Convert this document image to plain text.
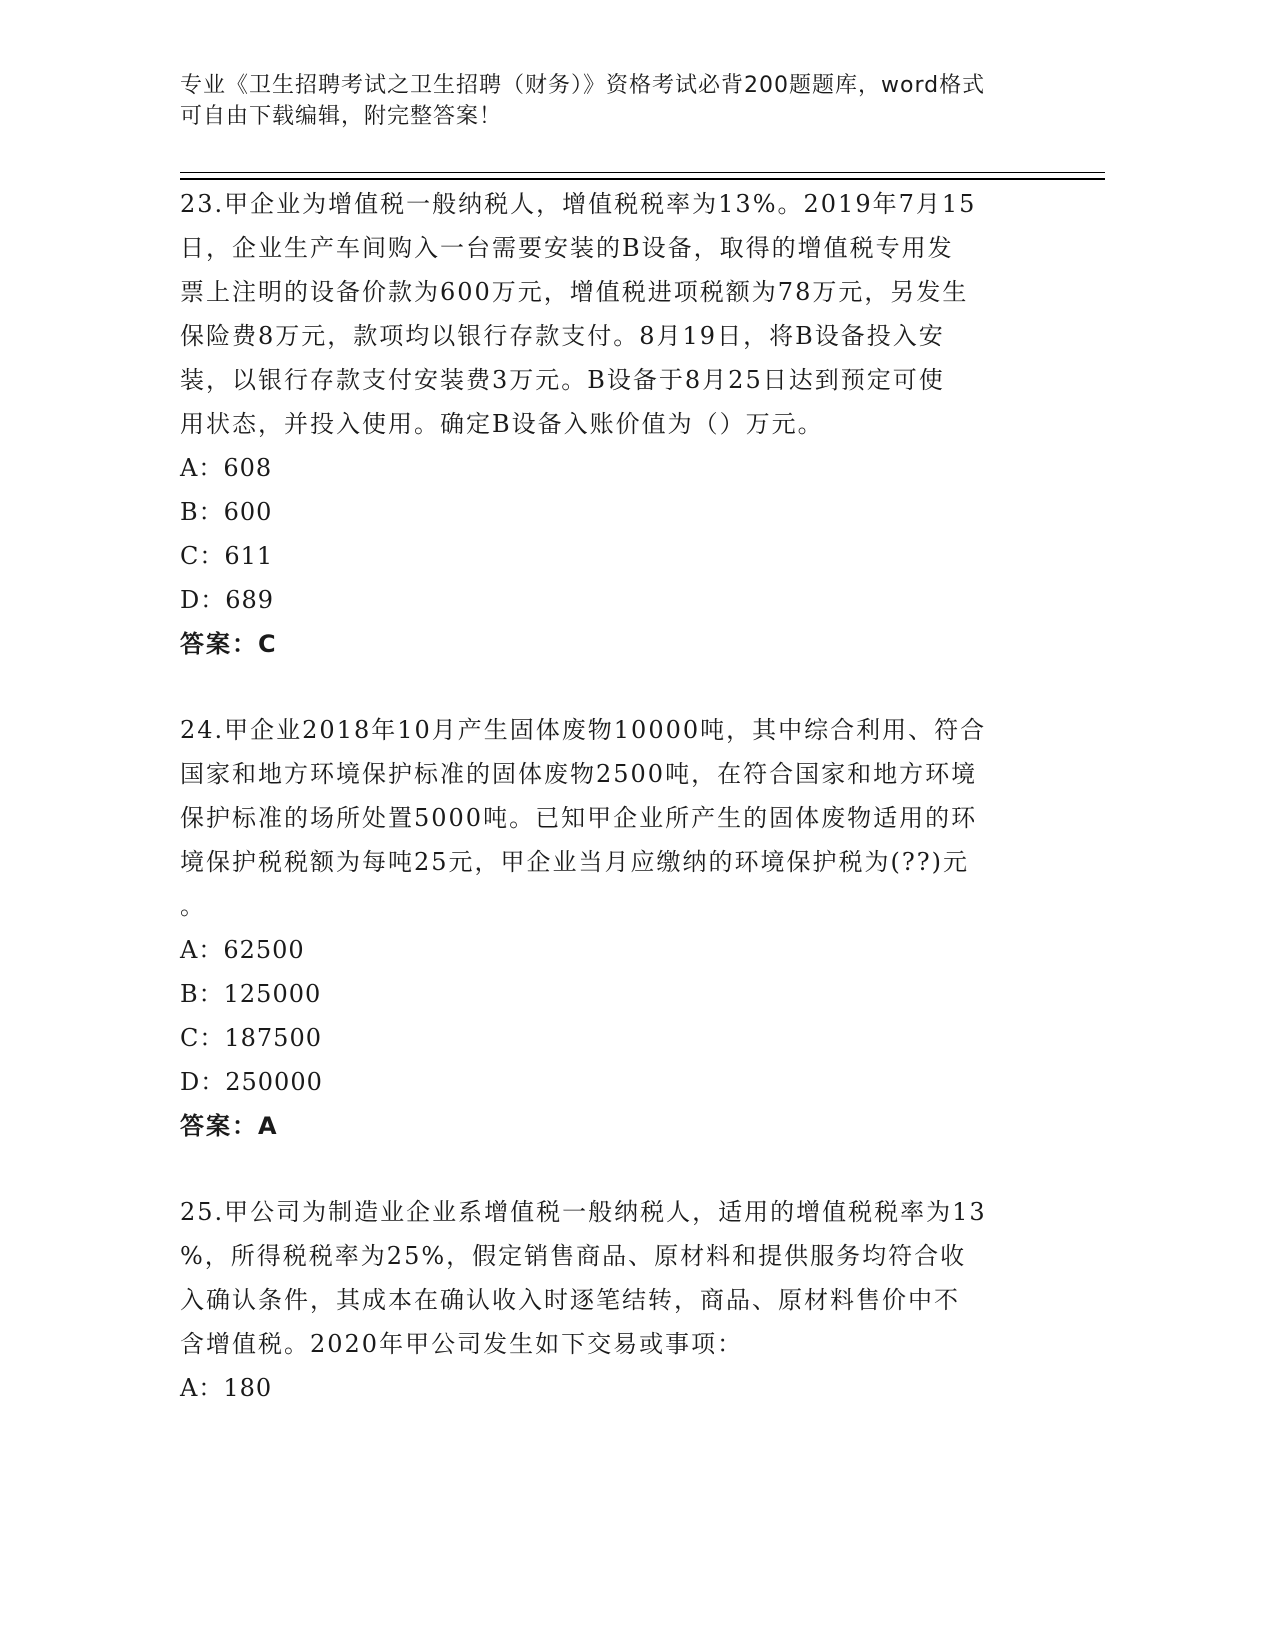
专业《卫生招聘考试之卫生招聘（财务）》资格考试必背200题题库，word格式
可自由下载编辑，附完整答案！

23.甲企业为增值税一般纳税人，增值税税率为13%。2019年7月15

日，企业生产车间购入一台需要安装的B设备，取得的增值税专用发

票上注明的设备价款为600万元，增值税进项税额为78万元，另发生

保险费8万元，款项均以银行存款支付。8月19日，将B设备投入安

装，以银行存款支付安装费3万元。B设备于8月25日达到预定可使

用状态，并投入使用。确定B设备入账价值为（）万元。

A：608

B：600

C：611

D：689

答案：C

24.甲企业2018年10月产生固体废物10000吨，其中综合利用、符合

国家和地方环境保护标准的固体废物2500吨，在符合国家和地方环境

保护标准的场所处置5000吨。已知甲企业所产生的固体废物适用的环

境保护税税额为每吨25元，甲企业当月应缴纳的环境保护税为(??)元

。

A：62500

B：125000

C：187500

D：250000

答案：A

25.甲公司为制造业企业系增值税一般纳税人，适用的增值税税率为13

%，所得税税率为25%，假定销售商品、原材料和提供服务均符合收

入确认条件，其成本在确认收入时逐笔结转，商品、原材料售价中不

含增值税。2020年甲公司发生如下交易或事项：

A：180
